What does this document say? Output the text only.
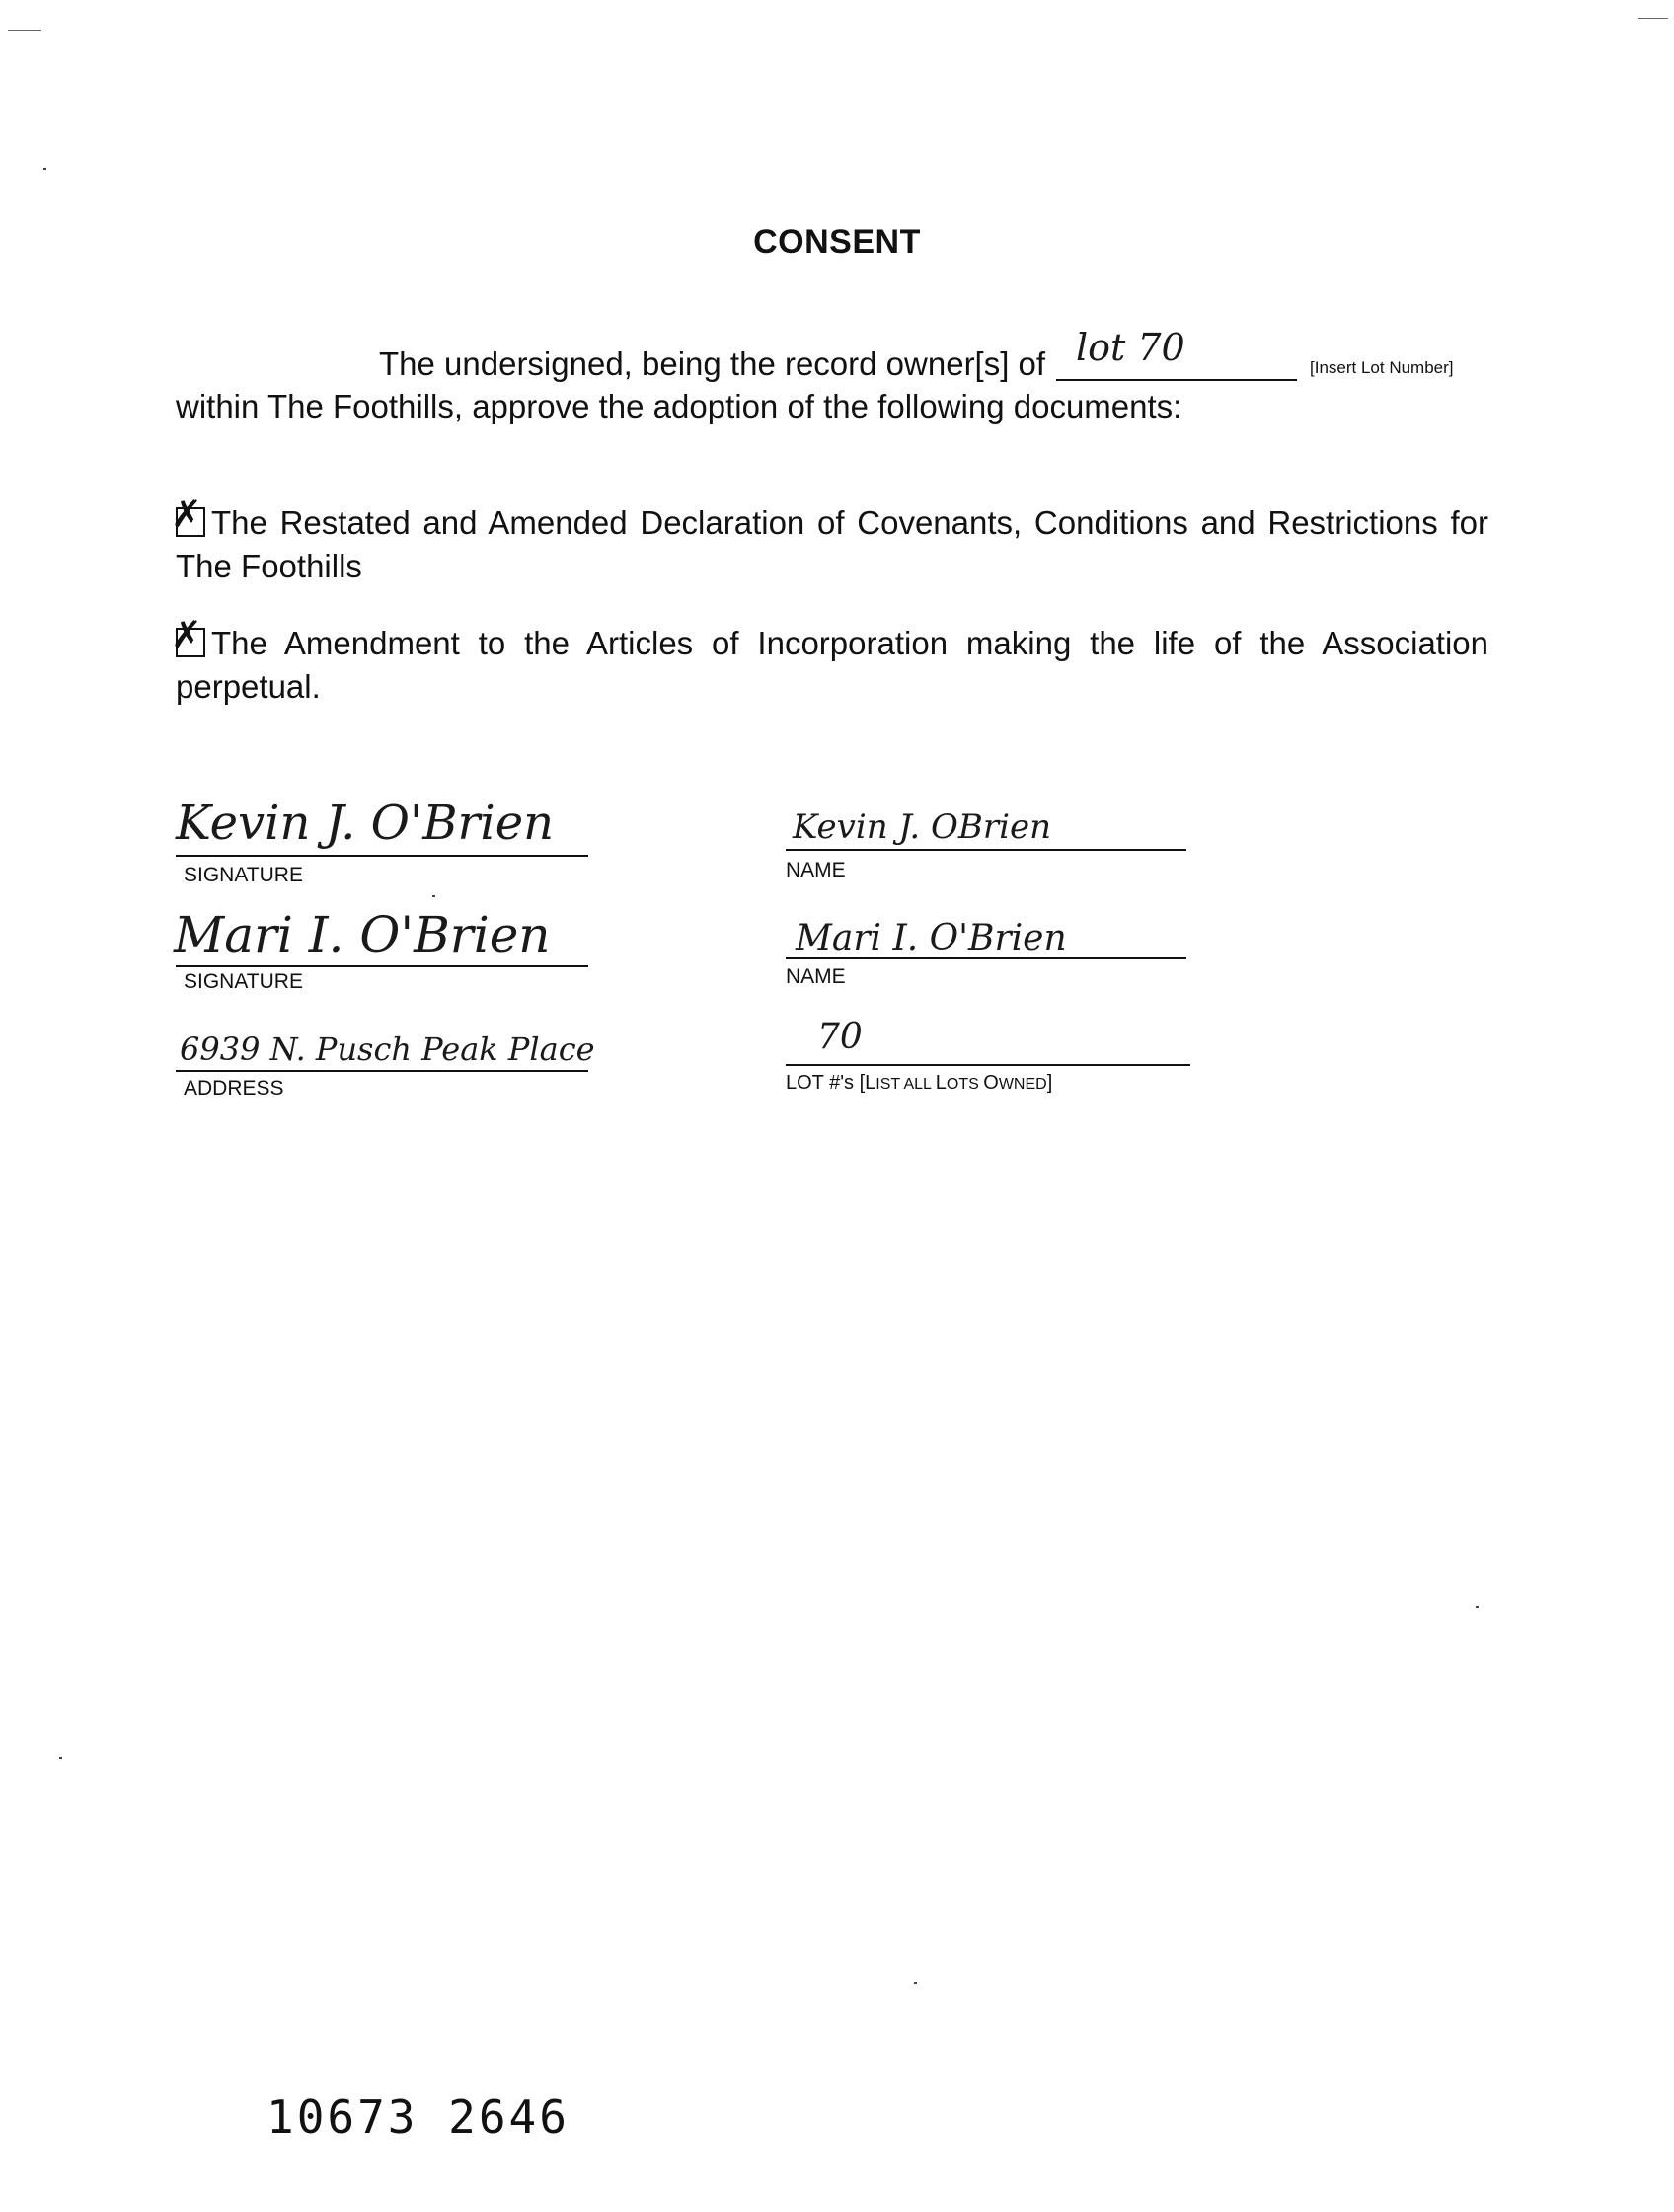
CONSENT
The undersigned, being the record owner[s] of lot 70	[Insert Lot Number]
within The Foothills, approve the adoption of the following documents:
✗ The Restated and Amended Declaration of Covenants, Conditions and Restrictions for The Foothills
✗ The Amendment to the Articles of Incorporation making the life of the Association perpetual.
Kevin J. O'Brien
SIGNATURE
Kevin J. OBrien
NAME
Mari I. O'Brien
SIGNATURE
Mari I. O'Brien
NAME
6939 N. Pusch Peak Place
ADDRESS
70
LOT #'s [LIST ALL LOTS OWNED]
10673 2646
